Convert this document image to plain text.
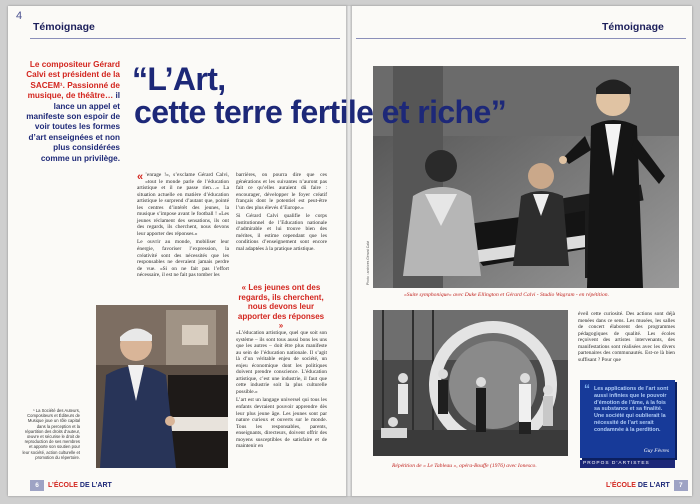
4
Témoignage	Témoignage
Le compositeur Gérard Calvi est président de la SACEM¹. Passionné de musique, de théâtre… il lance un appel et manifeste son espoir de voir toutes les formes d’art enseignées et non plus considérées comme un privilège.
Photo : archives Gérard Calvi
“L’Art,
cette terre fertile et riche”

« ’enrage !», s’exclame Gérard Calvi, «tout le monde parle de l’éducation artistique et il ne passe rien…» La situation actuelle en matière d’éducation artistique le surprend d’autant que, pointé les centres d’intérêt des jeunes, la musique s’impose avant le football ! «Les jeunes réclament des sensations, ils ont des regards, ils cherchent, nous devons leur apporter des réponses.»

Le ouvrir au monde, mobiliser leur énergie, favoriser l’expression, la créativité sont des nécessités que les responsables ne devraient jamais perdre de vue. «Si on ne fait pas l’effort nécessaire, il est ne fait pas tomber les

barrières, on pourra dire que ces générations et les suivantes n’auront pas fait ce qu’elles auraient dû faire : encourager, développer le foyer créatif français dont le potentiel est peut-être l’un des plus élevés d’Europe.»

Si Gérard Calvi qualifie le corps institutionnel de l’Education nationale d’admirable et lui trouve bien des mérites, il estime cependant que les conditions d’enseignement sont encore mal adaptées à la pratique artistique.

« Les jeunes ont des regards, ils cherchent, nous devons leur apporter des réponses »

«L’éducation artistique, quel que soit son système – ils sont tous aussi bons les uns que les autres – doit être plus manifeste au sein de l’éducation nationale. Il s’agit là d’un véritable enjeu de société, un enjeu économique dont les politiques doivent prendre conscience. L’éducation artistique, c’est une industrie, il faut que cette industrie soit la plus culturelle possible.»

L’art est un langage universel qui tous les enfants devraient pouvoir apprendre dès leur plus jeune âge. Les jeunes sont par nature curieux et ouverts sur le monde. Tous les responsables, parents, enseignants, directeurs, doivent offrir des moyens susceptibles de satisfaire et de maintenir en

¹ La Société des Auteurs, Compositeurs et Éditeurs de Musique joue un rôle capital dans la perception et la répartition des droits d’auteur, œuvre et sécurise le droit de reproduction de ses membres et apporte son soutien pour leur société, action culturelle et promotion du répertoire.
«Suite symphonique» avec Duke Ellington et Gérard Calvi - Studio Wagram - en répétition.
Répétition de « Le Tableau », opéra-Bouffe (1976) avec Ionesco.
éveil cette curiosité. Des actions sont déjà menées dans ce sens. Les musées, les salles de concert élaborent des programmes pédagogiques de qualité. Les écoles reçoivent des artistes intervenants, des manifestations sont réalisées avec les divers partenaires des communautés. Est-ce là bien suffisant ? Pour que
“ Les applications de l’art sont aussi infinies que le pouvoir d’émotion de l’âme, à la fois sa substance et sa finalité. Une société qui oublierait la nécessité de l’art serait condamnée à la perdition.
Guy Fèvres
PROPOS D’ARTISTES
6	L’ÉCOLE DE L’ART	L’ÉCOLE DE L’ART	7
